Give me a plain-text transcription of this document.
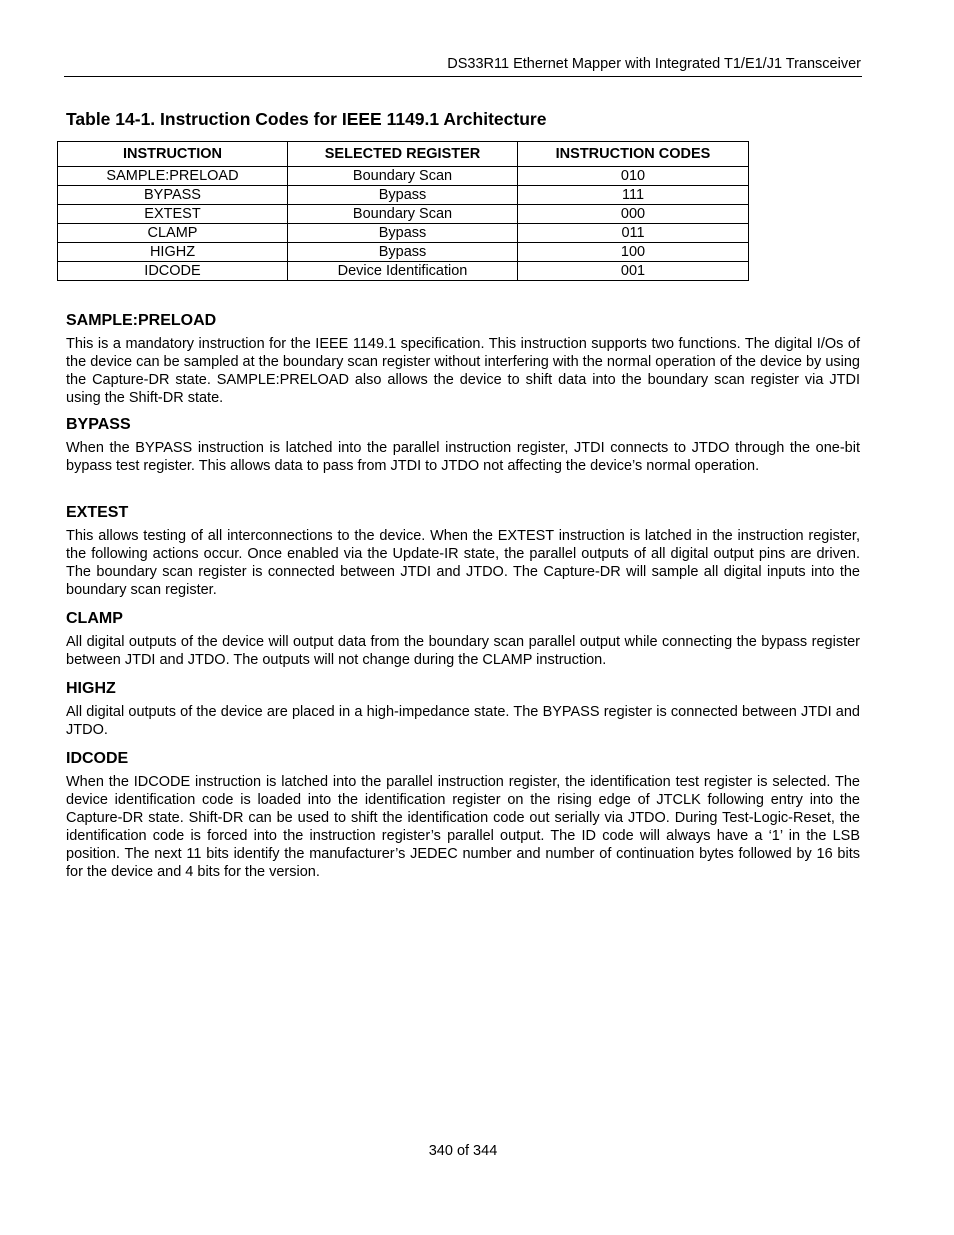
DS33R11 Ethernet Mapper with Integrated T1/E1/J1 Transceiver
Table 14-1. Instruction Codes for IEEE 1149.1 Architecture
INSTRUCTION	SELECTED REGISTER	INSTRUCTION CODES
SAMPLE:PRELOAD	Boundary Scan	010
BYPASS	Bypass	111
EXTEST	Boundary Scan	000
CLAMP	Bypass	011
HIGHZ	Bypass	100
IDCODE	Device Identification	001
SAMPLE:PRELOAD

This is a mandatory instruction for the IEEE 1149.1 specification. This instruction supports two functions. The digital I/Os of the device can be sampled at the boundary scan register without interfering with the normal operation of the device by using the Capture-DR state. SAMPLE:PRELOAD also allows the device to shift data into the boundary scan register via JTDI using the Shift-DR state.

BYPASS

When the BYPASS instruction is latched into the parallel instruction register, JTDI connects to JTDO through the one-bit bypass test register. This allows data to pass from JTDI to JTDO not affecting the device’s normal operation.

EXTEST

This allows testing of all interconnections to the device. When the EXTEST instruction is latched in the instruction register, the following actions occur. Once enabled via the Update-IR state, the parallel outputs of all digital output pins are driven. The boundary scan register is connected between JTDI and JTDO. The Capture-DR will sample all digital inputs into the boundary scan register.

CLAMP

All digital outputs of the device will output data from the boundary scan parallel output while connecting the bypass register between JTDI and JTDO. The outputs will not change during the CLAMP instruction.

HIGHZ

All digital outputs of the device are placed in a high-impedance state. The BYPASS register is connected between JTDI and JTDO.

IDCODE

When the IDCODE instruction is latched into the parallel instruction register, the identification test register is selected. The device identification code is loaded into the identification register on the rising edge of JTCLK following entry into the Capture-DR state. Shift-DR can be used to shift the identification code out serially via JTDO. During Test-Logic-Reset, the identification code is forced into the instruction register’s parallel output. The ID code will always have a ‘1’ in the LSB position. The next 11 bits identify the manufacturer’s JEDEC number and number of continuation bytes followed by 16 bits for the device and 4 bits for the version.

340 of 344
